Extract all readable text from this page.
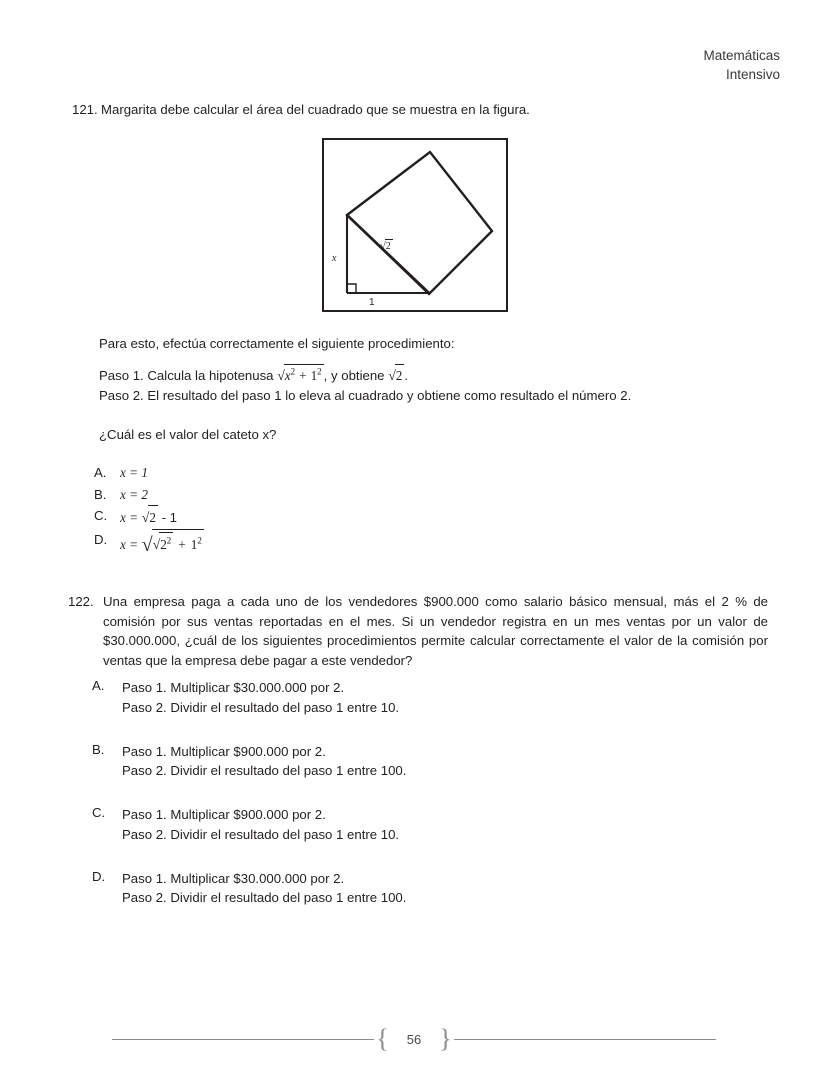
Matemáticas
Intensivo
121. Margarita debe calcular el área del cuadrado que se muestra en la figura.
x
1
√2
Para esto, efectúa correctamente el siguiente procedimiento:
Paso 1. Calcula la hipotenusa $√x^2 + 1^2$ , y obtiene √2 .
Paso 2. El resultado del paso 1 lo eleva al cuadrado y obtiene como resultado el número 2.
¿Cuál es el valor del cateto x?
A.	x = 1
B.	x = 2
C. x = √2 - 1
D. $x = √√2^2 + 1^2$
122. Una empresa paga a cada uno de los vendedores $900.000 como salario básico mensual, más el 2 % de comisión por sus ventas reportadas en el mes. Si un vendedor registra en un mes ventas por un valor de $30.000.000, ¿cuál de los siguientes procedimientos permite calcular correctamente el valor de la comisión por ventas que la empresa debe pagar a este vendedor?
A.	Paso 1. Multiplicar $30.000.000 por 2.
Paso 2. Dividir el resultado del paso 1 entre 10.
B.	Paso 1. Multiplicar $900.000 por 2.
Paso 2. Dividir el resultado del paso 1 entre 100.
C.	Paso 1. Multiplicar $900.000 por 2.
Paso 2. Dividir el resultado del paso 1 entre 10.
D.	Paso 1. Multiplicar $30.000.000 por 2.
Paso 2. Dividir el resultado del paso 1 entre 100.
{	56 }
